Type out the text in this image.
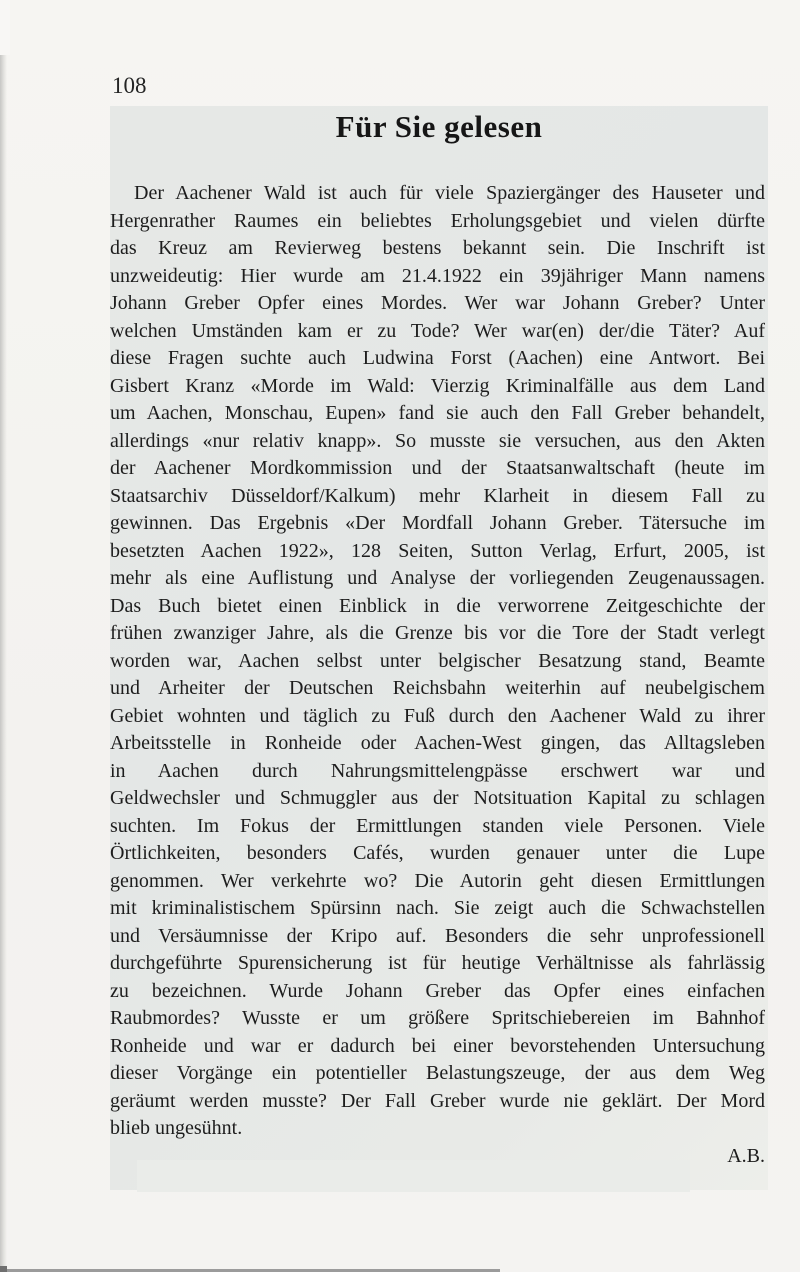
108
Für Sie gelesen
Der Aachener Wald ist auch für viele Spaziergänger des Hauseter und
Hergenrather Raumes ein beliebtes Erholungsgebiet und vielen dürfte
das Kreuz am Revierweg bestens bekannt sein. Die Inschrift ist
unzweideutig: Hier wurde am 21.4.1922 ein 39jähriger Mann namens
Johann Greber Opfer eines Mordes. Wer war Johann Greber? Unter
welchen Umständen kam er zu Tode? Wer war(en) der/die Täter? Auf
diese Fragen suchte auch Ludwina Forst (Aachen) eine Antwort. Bei
Gisbert Kranz «Morde im Wald: Vierzig Kriminalfälle aus dem Land
um Aachen, Monschau, Eupen» fand sie auch den Fall Greber behandelt,
allerdings «nur relativ knapp». So musste sie versuchen, aus den Akten
der Aachener Mordkommission und der Staatsanwaltschaft (heute im
Staatsarchiv Düsseldorf/Kalkum) mehr Klarheit in diesem Fall zu
gewinnen. Das Ergebnis «Der Mordfall Johann Greber. Tätersuche im
besetzten Aachen 1922», 128 Seiten, Sutton Verlag, Erfurt, 2005, ist
mehr als eine Auflistung und Analyse der vorliegenden Zeugenaussagen.
Das Buch bietet einen Einblick in die verworrene Zeitgeschichte der
frühen zwanziger Jahre, als die Grenze bis vor die Tore der Stadt verlegt
worden war, Aachen selbst unter belgischer Besatzung stand, Beamte
und Arheiter der Deutschen Reichsbahn weiterhin auf neubelgischem
Gebiet wohnten und täglich zu Fuß durch den Aachener Wald zu ihrer
Arbeitsstelle in Ronheide oder Aachen-West gingen, das Alltagsleben
in Aachen durch Nahrungsmittelengpässe erschwert war und
Geldwechsler und Schmuggler aus der Notsituation Kapital zu schlagen
suchten. Im Fokus der Ermittlungen standen viele Personen. Viele
Örtlichkeiten, besonders Cafés, wurden genauer unter die Lupe
genommen. Wer verkehrte wo? Die Autorin geht diesen Ermittlungen
mit kriminalistischem Spürsinn nach. Sie zeigt auch die Schwachstellen
und Versäumnisse der Kripo auf. Besonders die sehr unprofessionell
durchgeführte Spurensicherung ist für heutige Verhältnisse als fahrlässig
zu bezeichnen. Wurde Johann Greber das Opfer eines einfachen
Raubmordes? Wusste er um größere Spritschiebereien im Bahnhof
Ronheide und war er dadurch bei einer bevorstehenden Untersuchung
dieser Vorgänge ein potentieller Belastungszeuge, der aus dem Weg
geräumt werden musste? Der Fall Greber wurde nie geklärt. Der Mord
blieb ungesühnt.
A.B.
